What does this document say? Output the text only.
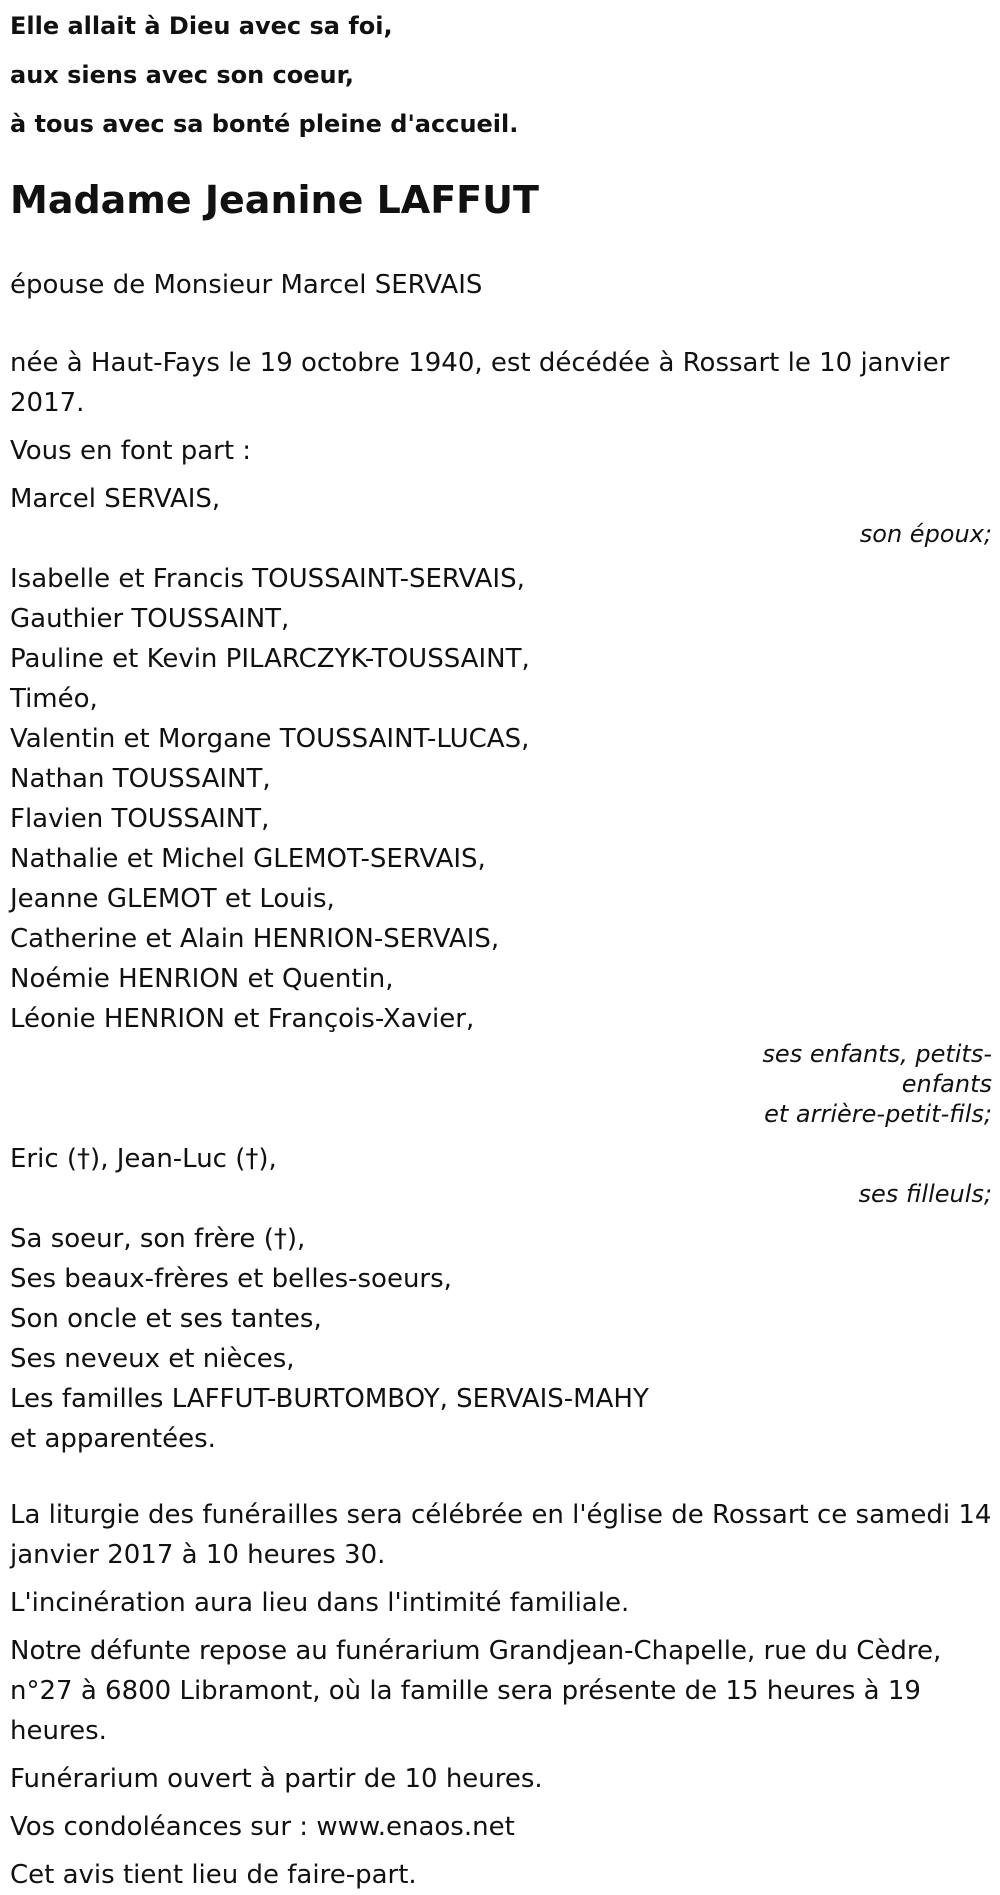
Elle allait à Dieu avec sa foi,

aux siens avec son coeur,

à tous avec sa bonté pleine d'accueil.

Madame Jeanine LAFFUT

épouse de Monsieur Marcel SERVAIS

née à Haut-Fays le 19 octobre 1940, est décédée à Rossart le 10 janvier 2017.

Vous en font part :

Marcel SERVAIS,

son époux;

Isabelle et Francis TOUSSAINT-SERVAIS,

Gauthier TOUSSAINT,

Pauline et Kevin PILARCZYK-TOUSSAINT,

Timéo,

Valentin et Morgane TOUSSAINT-LUCAS,

Nathan TOUSSAINT,

Flavien TOUSSAINT,

Nathalie et Michel GLEMOT-SERVAIS,

Jeanne GLEMOT et Louis,

Catherine et Alain HENRION-SERVAIS,

Noémie HENRION et Quentin,

Léonie HENRION et François-Xavier,

ses enfants, petits-enfants

et arrière-petit-fils;

Eric (†), Jean-Luc (†),

ses filleuls;

Sa soeur, son frère (†),

Ses beaux-frères et belles-soeurs,

Son oncle et ses tantes,

Ses neveux et nièces,

Les familles LAFFUT-BURTOMBOY, SERVAIS-MAHY

et apparentées.

La liturgie des funérailles sera célébrée en l'église de Rossart ce samedi 14 janvier 2017 à 10 heures 30.

L'incinération aura lieu dans l'intimité familiale.

Notre défunte repose au funérarium Grandjean-Chapelle, rue du Cèdre, n°27 à 6800 Libramont, où la famille sera présente de 15 heures à 19 heures.

Funérarium ouvert à partir de 10 heures.

Vos condoléances sur : www.enaos.net

Cet avis tient lieu de faire-part.
